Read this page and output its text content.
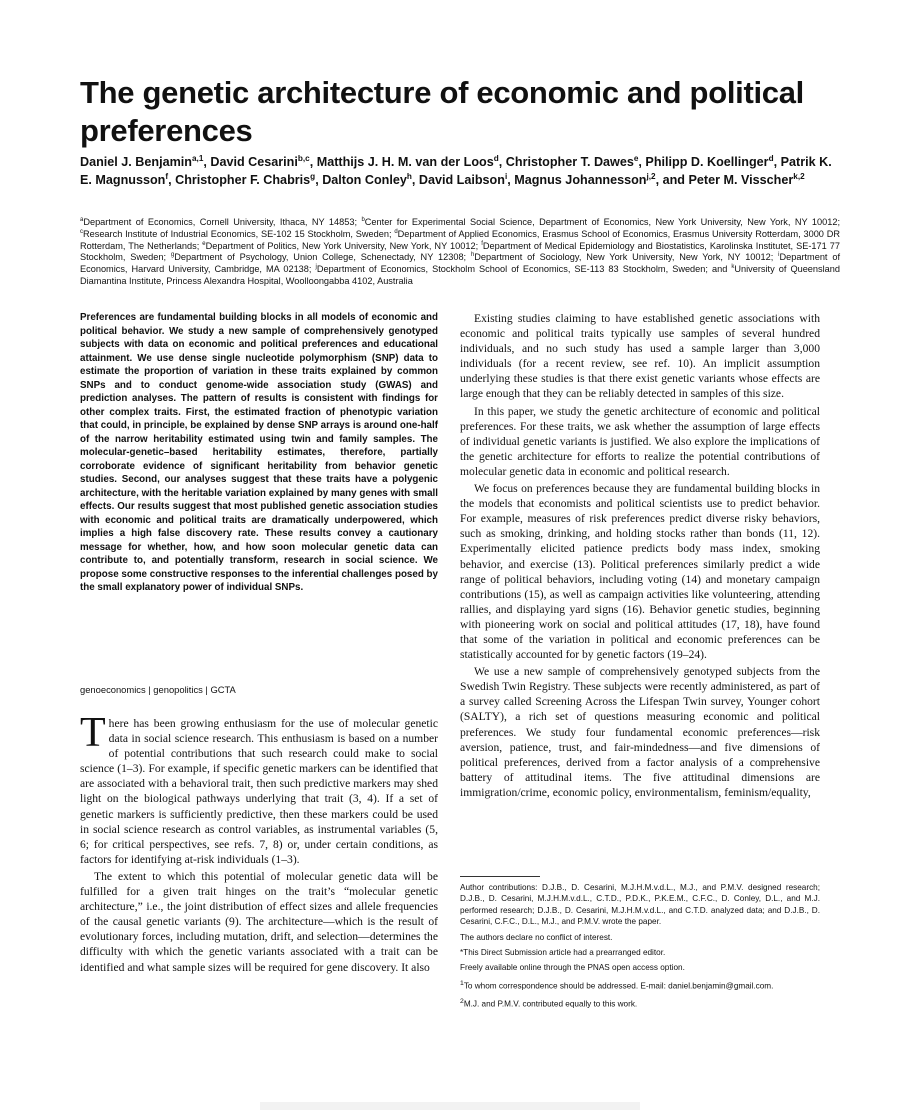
The genetic architecture of economic and political preferences

Daniel J. Benjamin$^{a,1}$, David Cesarini$^{b,c}$, Matthijs J. H. M. van der Loos$^d$, Christopher T. Dawes$^e$, Philipp D. Koellinger$^d$, Patrik K. E. Magnusson$^f$, Christopher F. Chabris$^g$, Dalton Conley$^h$, David Laibson$^i$, Magnus Johannesson$^{j,2}$, and Peter M. Visscher$^{k,2}$

$^a$Department of Economics, Cornell University, Ithaca, NY 14853; $^b$Center for Experimental Social Science, Department of Economics, New York University, New York, NY 10012; $^c$Research Institute of Industrial Economics, SE-102 15 Stockholm, Sweden; $^d$Department of Applied Economics, Erasmus School of Economics, Erasmus University Rotterdam, 3000 DR Rotterdam, The Netherlands; $^e$Department of Politics, New York University, New York, NY 10012; $^f$Department of Medical Epidemiology and Biostatistics, Karolinska Institutet, SE-171 77 Stockholm, Sweden; $^g$Department of Psychology, Union College, Schenectady, NY 12308; $^h$Department of Sociology, New York University, New York, NY 10012; $^i$Department of Economics, Harvard University, Cambridge, MA 02138; $^j$Department of Economics, Stockholm School of Economics, SE-113 83 Stockholm, Sweden; and $^k$University of Queensland Diamantina Institute, Princess Alexandra Hospital, Woolloongabba 4102, Australia

Preferences are fundamental building blocks in all models of economic and political behavior. We study a new sample of comprehensively genotyped subjects with data on economic and political preferences and educational attainment. We use dense single nucleotide polymorphism (SNP) data to estimate the proportion of variation in these traits explained by common SNPs and to conduct genome-wide association study (GWAS) and prediction analyses. The pattern of results is consistent with findings for other complex traits. First, the estimated fraction of phenotypic variation that could, in principle, be explained by dense SNP arrays is around one-half of the narrow heritability estimated using twin and family samples. The molecular-genetic–based heritability estimates, therefore, partially corroborate evidence of significant heritability from behavior genetic studies. Second, our analyses suggest that these traits have a polygenic architecture, with the heritable variation explained by many genes with small effects. Our results suggest that most published genetic association studies with economic and political traits are dramatically underpowered, which implies a high false discovery rate. These results convey a cautionary message for whether, how, and how soon molecular genetic data can contribute to, and potentially transform, research in social science. We propose some constructive responses to the inferential challenges posed by the small explanatory power of individual SNPs.

genoeconomics | genopolitics | GCTA

There has been growing enthusiasm for the use of molecular genetic data in social science research. This enthusiasm is based on a number of potential contributions that such research could make to social science (1–3). For example, if specific genetic markers can be identified that are associated with a behavioral trait, then such predictive markers may shed light on the biological pathways underlying that trait (3, 4). If a set of genetic markers is sufficiently predictive, then these markers could be used in social science research as control variables, as instrumental variables (5, 6; for critical perspectives, see refs. 7, 8) or, under certain conditions, as factors for identifying at-risk individuals (1–3).

The extent to which this potential of molecular genetic data will be fulfilled for a given trait hinges on the trait’s “molecular genetic architecture,” i.e., the joint distribution of effect sizes and allele frequencies of the causal genetic variants (9). The architecture—which is the result of evolutionary forces, including mutation, drift, and selection—determines the difficulty with which the genetic variants associated with a trait can be identified and what sample sizes will be required for gene discovery. It also

Existing studies claiming to have established genetic associations with economic and political traits typically use samples of several hundred individuals, and no such study has used a sample larger than 3,000 individuals (for a recent review, see ref. 10). An implicit assumption underlying these studies is that there exist genetic variants whose effects are large enough that they can be reliably detected in samples of this size.

In this paper, we study the genetic architecture of economic and political preferences. For these traits, we ask whether the assumption of large effects of individual genetic variants is justified. We also explore the implications of the genetic architecture for efforts to realize the potential contributions of molecular genetic data in economic and political research.

We focus on preferences because they are fundamental building blocks in the models that economists and political scientists use to predict behavior. For example, measures of risk preferences predict diverse risky behaviors, such as smoking, drinking, and holding stocks rather than bonds (11, 12). Experimentally elicited patience predicts body mass index, smoking behavior, and exercise (13). Political preferences similarly predict a wide range of political behaviors, including voting (14) and monetary campaign contributions (15), as well as campaign activities like volunteering, attending rallies, and displaying yard signs (16). Behavior genetic studies, beginning with pioneering work on social and political attitudes (17, 18), have found that some of the variation in political and economic preferences can be statistically accounted for by genetic factors (19–24).

We use a new sample of comprehensively genotyped subjects from the Swedish Twin Registry. These subjects were recently administered, as part of a survey called Screening Across the Lifespan Twin survey, Younger cohort (SALTY), a rich set of questions measuring economic and political preferences. We study four fundamental economic preferences—risk aversion, patience, trust, and fair-mindedness—and five dimensions of political preferences, derived from a factor analysis of a comprehensive battery of attitudinal items. The five attitudinal dimensions are immigration/crime, economic policy, environmentalism, feminism/equality,

Author contributions: D.J.B., D. Cesarini, M.J.H.M.v.d.L., M.J., and P.M.V. designed research; D.J.B., D. Cesarini, M.J.H.M.v.d.L., C.T.D., P.D.K., P.K.E.M., C.F.C., D. Conley, D.L., and M.J. performed research; D.J.B., D. Cesarini, M.J.H.M.v.d.L., and C.T.D. analyzed data; and D.J.B., D. Cesarini, C.F.C., D.L., M.J., and P.M.V. wrote the paper.

The authors declare no conflict of interest.

*This Direct Submission article had a prearranged editor.

Freely available online through the PNAS open access option.

$^1$To whom correspondence should be addressed. E-mail: daniel.benjamin@gmail.com.

$^2$M.J. and P.M.V. contributed equally to this work.
